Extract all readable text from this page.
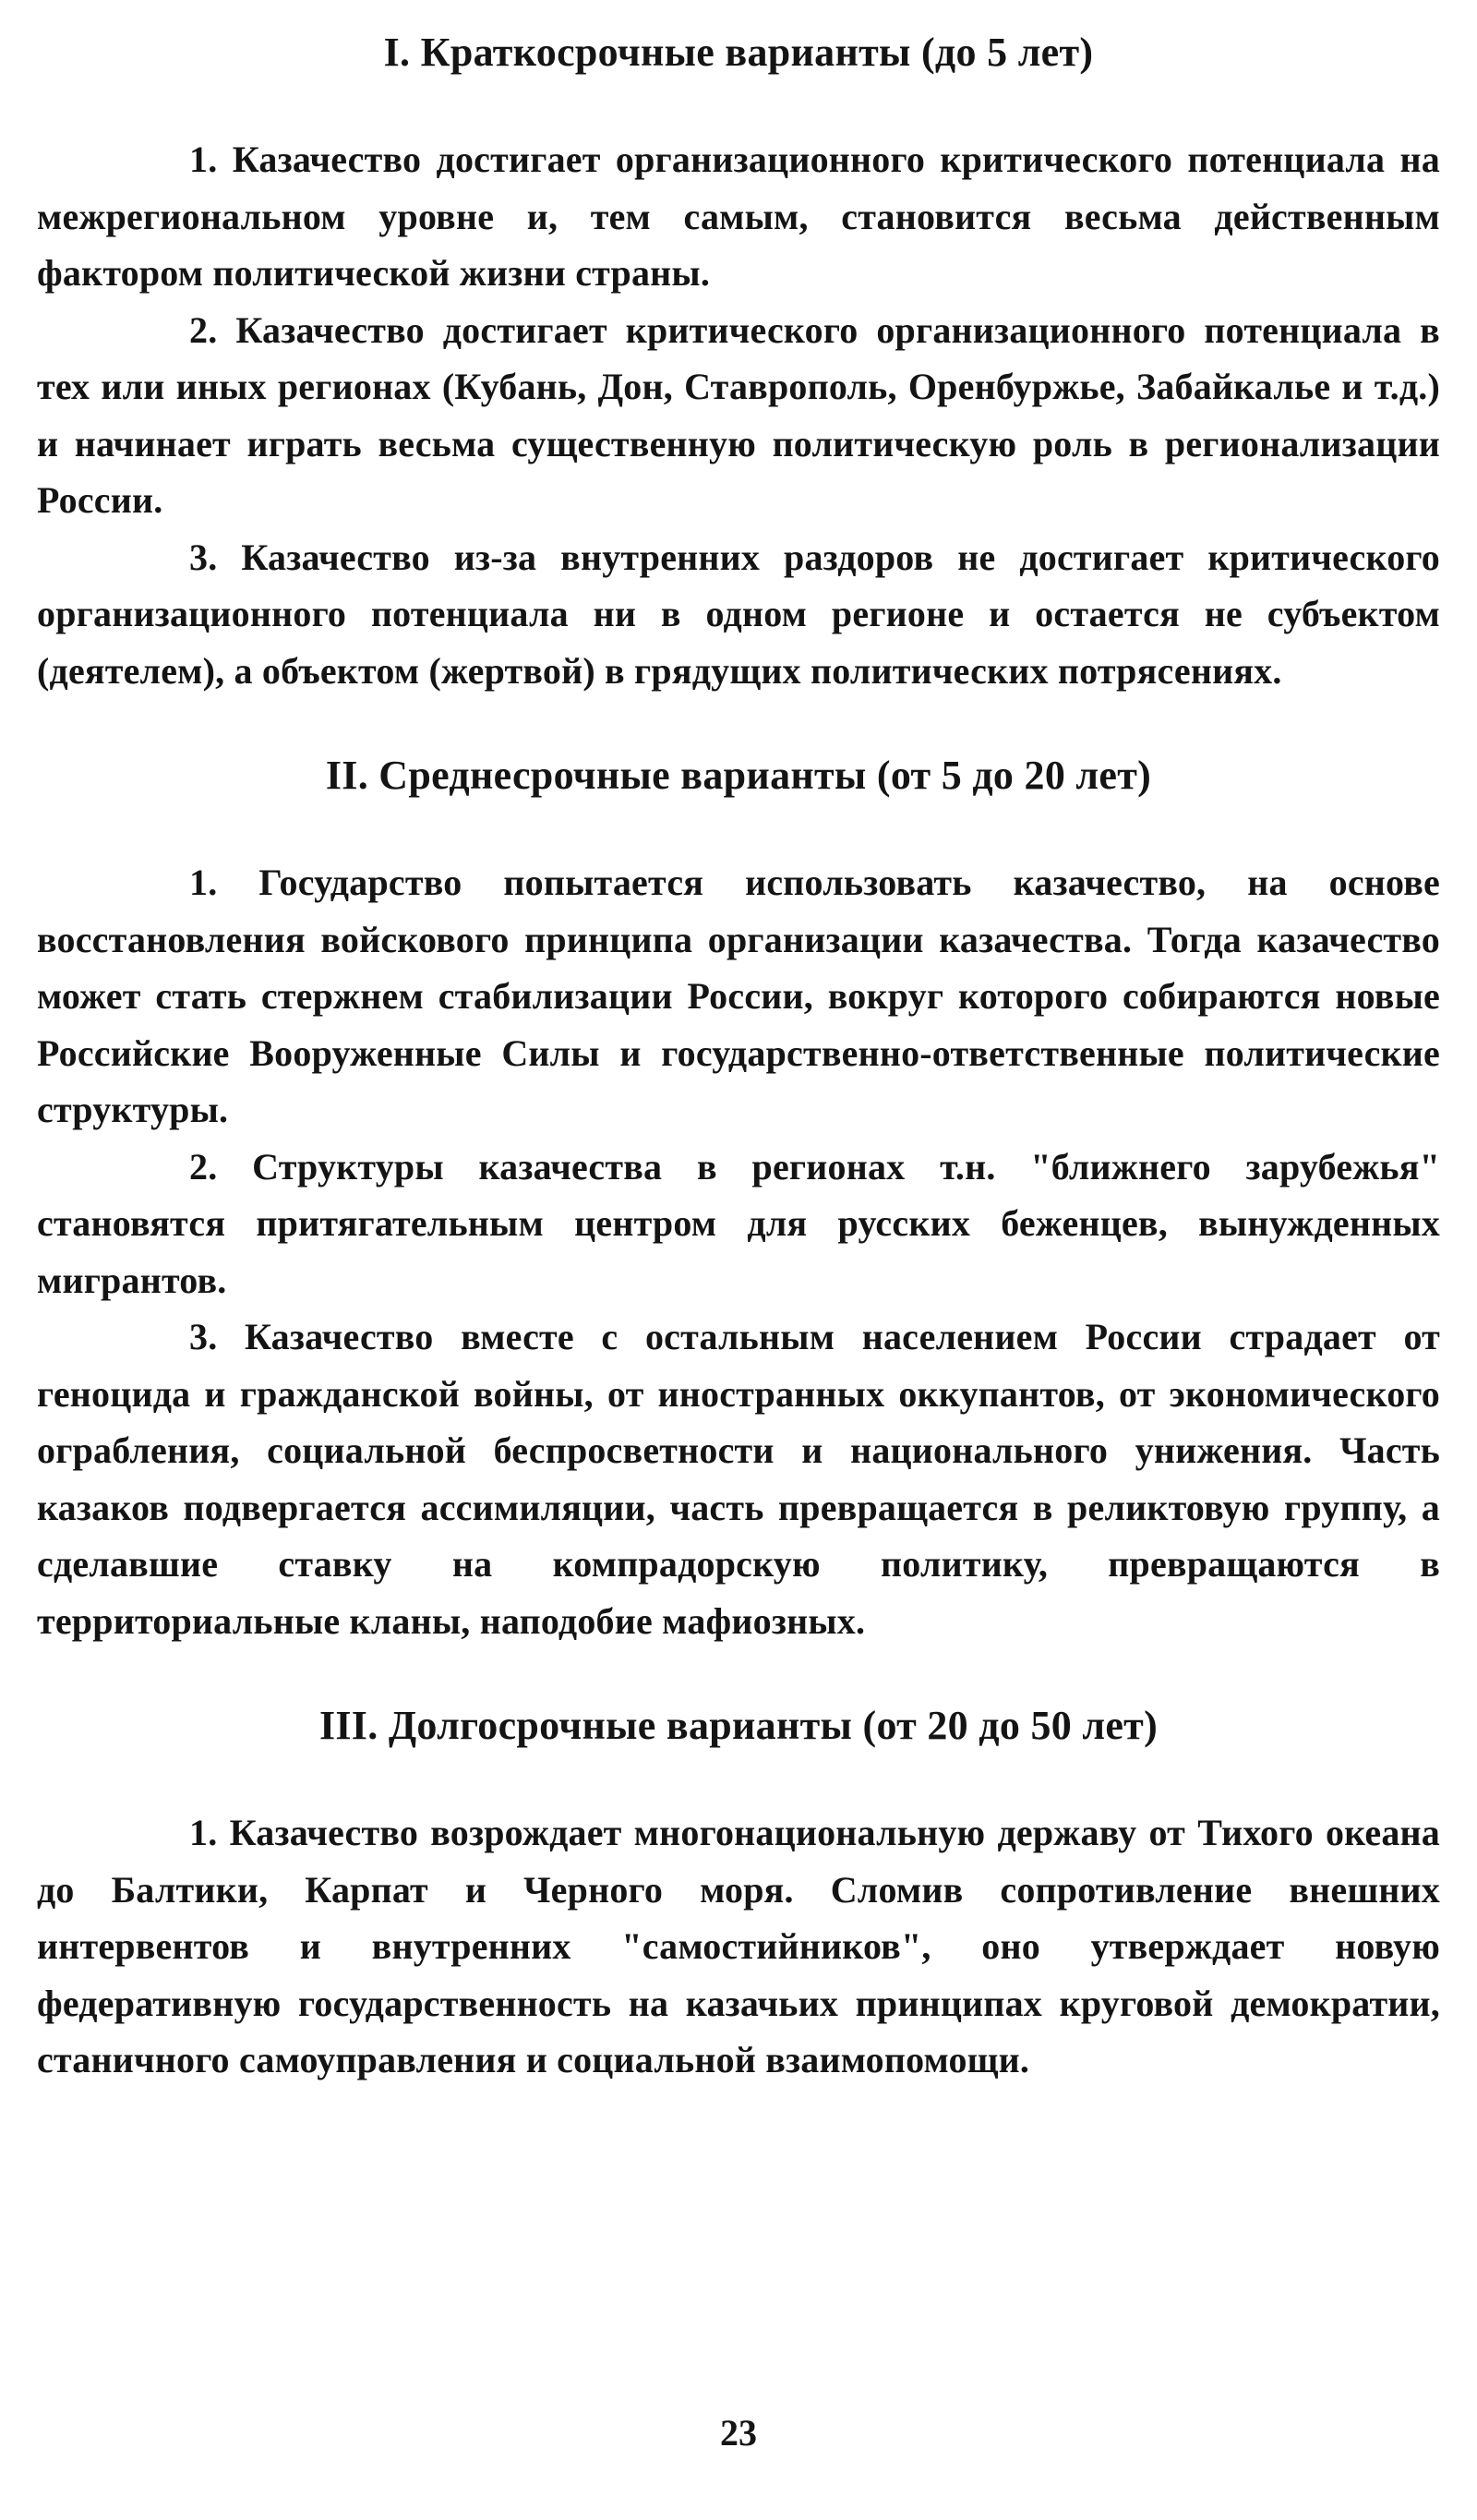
I. Краткосрочные варианты (до 5 лет)

1. Казачество достигает организационного критического потенциала на межрегиональном уровне и, тем самым, становится весьма действенным фактором политической жизни страны.

2. Казачество достигает критического организационного потенциала в тех или иных регионах (Кубань, Дон, Ставрополь, Оренбуржье, Забайкалье и т.д.) и начинает играть весьма существенную политическую роль в регионализации России.

3. Казачество из-за внутренних раздоров не достигает критического организационного потенциала ни в одном регионе и остается не субъектом (деятелем), а объектом (жертвой) в грядущих политических потрясениях.

II. Среднесрочные варианты (от 5 до 20 лет)

1. Государство попытается использовать казачество, на основе восстановления войскового принципа организации казачества. Тогда казачество может стать стержнем стабилизации России, вокруг которого собираются новые Российские Вооруженные Силы и государственно-ответственные политические структуры.

2. Структуры казачества в регионах т.н. "ближнего зарубежья" становятся притягательным центром для русских беженцев, вынужденных мигрантов.

3. Казачество вместе с остальным населением России страдает от геноцида и гражданской войны, от иностранных оккупантов, от экономического ограбления, социальной беспросветности и национального унижения. Часть казаков подвергается ассимиляции, часть превращается в реликтовую группу, а сделавшие ставку на компрадорскую политику, превращаются в территориальные кланы, наподобие мафиозных.

III. Долгосрочные варианты (от 20 до 50 лет)

1. Казачество возрождает многонациональную державу от Тихого океана до Балтики, Карпат и Черного моря. Сломив сопротивление внешних интервентов и внутренних "самостийников", оно утверждает новую федеративную государственность на казачьих принципах круговой демократии, станичного самоуправления и социальной взаимопомощи.

23
